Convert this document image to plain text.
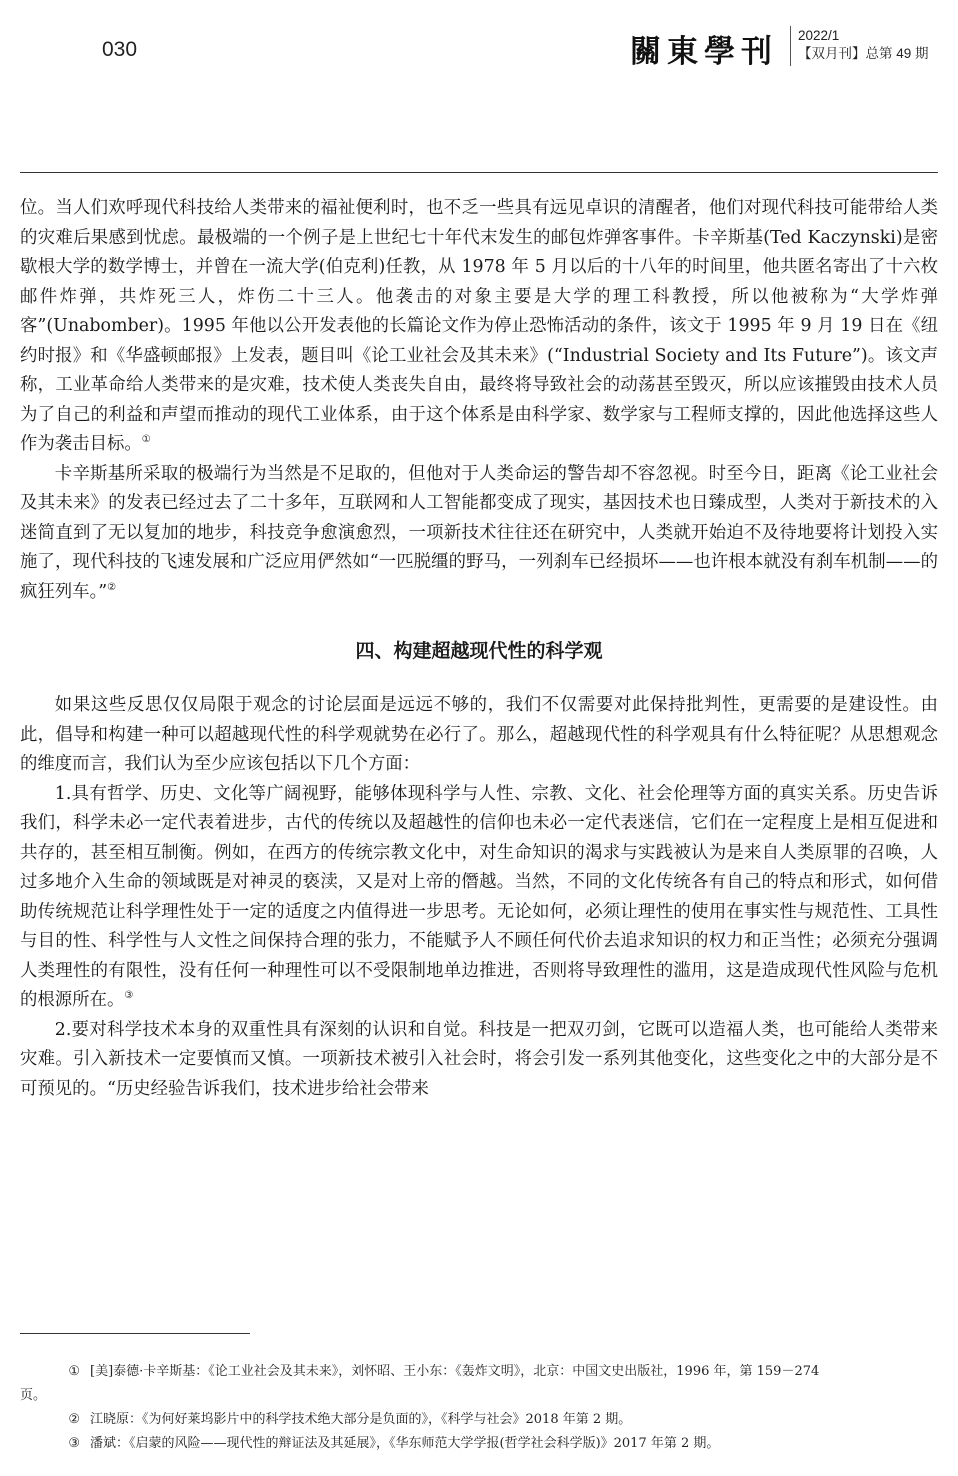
030	關東學刊 2022/1
【双月刊】总第 49 期

位。当人们欢呼现代科技给人类带来的福祉便利时，也不乏一些具有远见卓识的清醒者，他们对现代科技可能带给人类的灾难后果感到忧虑。最极端的一个例子是上世纪七十年代末发生的邮包炸弹客事件。卡辛斯基(Ted Kaczynski)是密歇根大学的数学博士，并曾在一流大学(伯克利)任教，从 1978 年 5 月以后的十八年的时间里，他共匿名寄出了十六枚邮件炸弹，共炸死三人，炸伤二十三人。他袭击的对象主要是大学的理工科教授，所以他被称为“大学炸弹客”(Unabomber)。1995 年他以公开发表他的长篇论文作为停止恐怖活动的条件，该文于 1995 年 9 月 19 日在《纽约时报》和《华盛顿邮报》上发表，题目叫《论工业社会及其未来》(“Industrial Society and Its Future”)。该文声称，工业革命给人类带来的是灾难，技术使人类丧失自由，最终将导致社会的动荡甚至毁灭，所以应该摧毁由技术人员为了自己的利益和声望而推动的现代工业体系，由于这个体系是由科学家、数学家与工程师支撑的，因此他选择这些人作为袭击目标。①

卡辛斯基所采取的极端行为当然是不足取的，但他对于人类命运的警告却不容忽视。时至今日，距离《论工业社会及其未来》的发表已经过去了二十多年，互联网和人工智能都变成了现实，基因技术也日臻成型，人类对于新技术的入迷简直到了无以复加的地步，科技竞争愈演愈烈，一项新技术往往还在研究中，人类就开始迫不及待地要将计划投入实施了，现代科技的飞速发展和广泛应用俨然如“一匹脱缰的野马，一列刹车已经损坏——也许根本就没有刹车机制——的疯狂列车。”②

四、构建超越现代性的科学观

如果这些反思仅仅局限于观念的讨论层面是远远不够的，我们不仅需要对此保持批判性，更需要的是建设性。由此，倡导和构建一种可以超越现代性的科学观就势在必行了。那么，超越现代性的科学观具有什么特征呢？从思想观念的维度而言，我们认为至少应该包括以下几个方面：

1.具有哲学、历史、文化等广阔视野，能够体现科学与人性、宗教、文化、社会伦理等方面的真实关系。历史告诉我们，科学未必一定代表着进步，古代的传统以及超越性的信仰也未必一定代表迷信，它们在一定程度上是相互促进和共存的，甚至相互制衡。例如，在西方的传统宗教文化中，对生命知识的渴求与实践被认为是来自人类原罪的召唤，人过多地介入生命的领域既是对神灵的亵渎，又是对上帝的僭越。当然，不同的文化传统各有自己的特点和形式，如何借助传统规范让科学理性处于一定的适度之内值得进一步思考。无论如何，必须让理性的使用在事实性与规范性、工具性与目的性、科学性与人文性之间保持合理的张力，不能赋予人不顾任何代价去追求知识的权力和正当性；必须充分强调人类理性的有限性，没有任何一种理性可以不受限制地单边推进，否则将导致理性的滥用，这是造成现代性风险与危机的根源所在。③

2.要对科学技术本身的双重性具有深刻的认识和自觉。科技是一把双刃剑，它既可以造福人类，也可能给人类带来灾难。引入新技术一定要慎而又慎。一项新技术被引入社会时，将会引发一系列其他变化，这些变化之中的大部分是不可预见的。“历史经验告诉我们，技术进步给社会带来

① [美]泰德·卡辛斯基：《论工业社会及其未来》，刘怀昭、王小东：《轰炸文明》，北京：中国文史出版社，1996 年，第 159－274
页。
② 江晓原：《为何好莱坞影片中的科学技术绝大部分是负面的》，《科学与社会》2018 年第 2 期。
③ 潘斌：《启蒙的风险——现代性的辩证法及其延展》，《华东师范大学学报(哲学社会科学版)》2017 年第 2 期。
